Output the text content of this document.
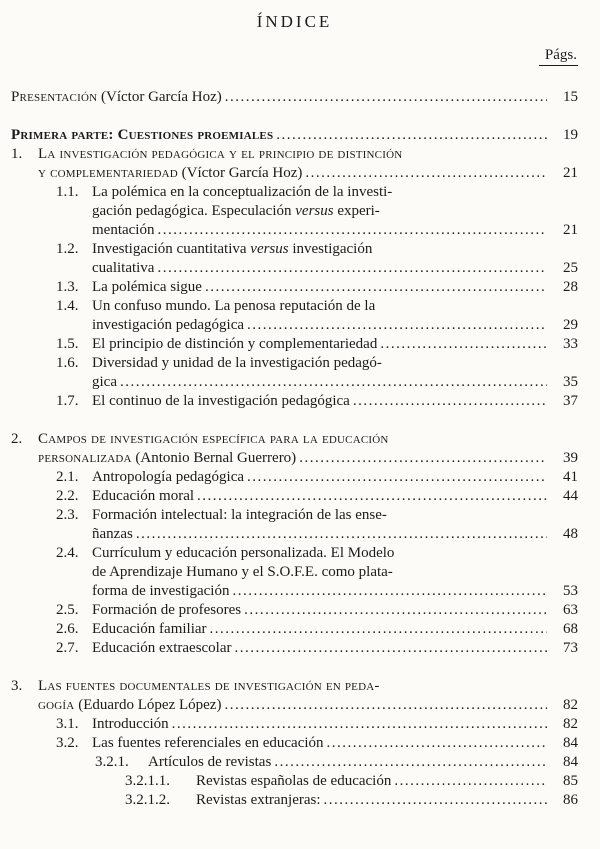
ÍNDICE
Págs.
Presentación (Víctor García Hoz) .....	15
Primera parte: Cuestiones proemiales .....	19
1.	La investigación pedagógica y el principio de distinción
y complementariedad (Víctor García Hoz) .....	21
1.1. La polémica en la conceptualización de la investi-
gación pedagógica. Especulación versus experi-
mentación .....	21
1.2. Investigación cuantitativa versus investigación
cualitativa .....	25
1.3. La polémica sigue .....	28
1.4. Un confuso mundo. La penosa reputación de la
investigación pedagógica .....	29
1.5. El principio de distinción y complementariedad .....	33
1.6. Diversidad y unidad de la investigación pedagó-
gica .....	35
1.7. El continuo de la investigación pedagógica .....	37
2.	Campos de investigación específica para la educación
personalizada (Antonio Bernal Guerrero) .....	39
2.1. Antropología pedagógica .....	41
2.2. Educación moral .....	44
2.3. Formación intelectual: la integración de las ense-
ñanzas .....	48
2.4. Currículum y educación personalizada. El Modelo
de Aprendizaje Humano y el S.O.F.E. como plata-
forma de investigación .....	53
2.5. Formación de profesores .....	63
2.6. Educación familiar .....	68
2.7. Educación extraescolar .....	73
3.	Las fuentes documentales de investigación en peda-
gogía (Eduardo López López) .....	82
3.1. Introducción .....	82
3.2. Las fuentes referenciales en educación .....	84
3.2.1.	Artículos de revistas .....	84
3.2.1.1.	Revistas españolas de educación .....	85
3.2.1.2.	Revistas extranjeras: .....	86
